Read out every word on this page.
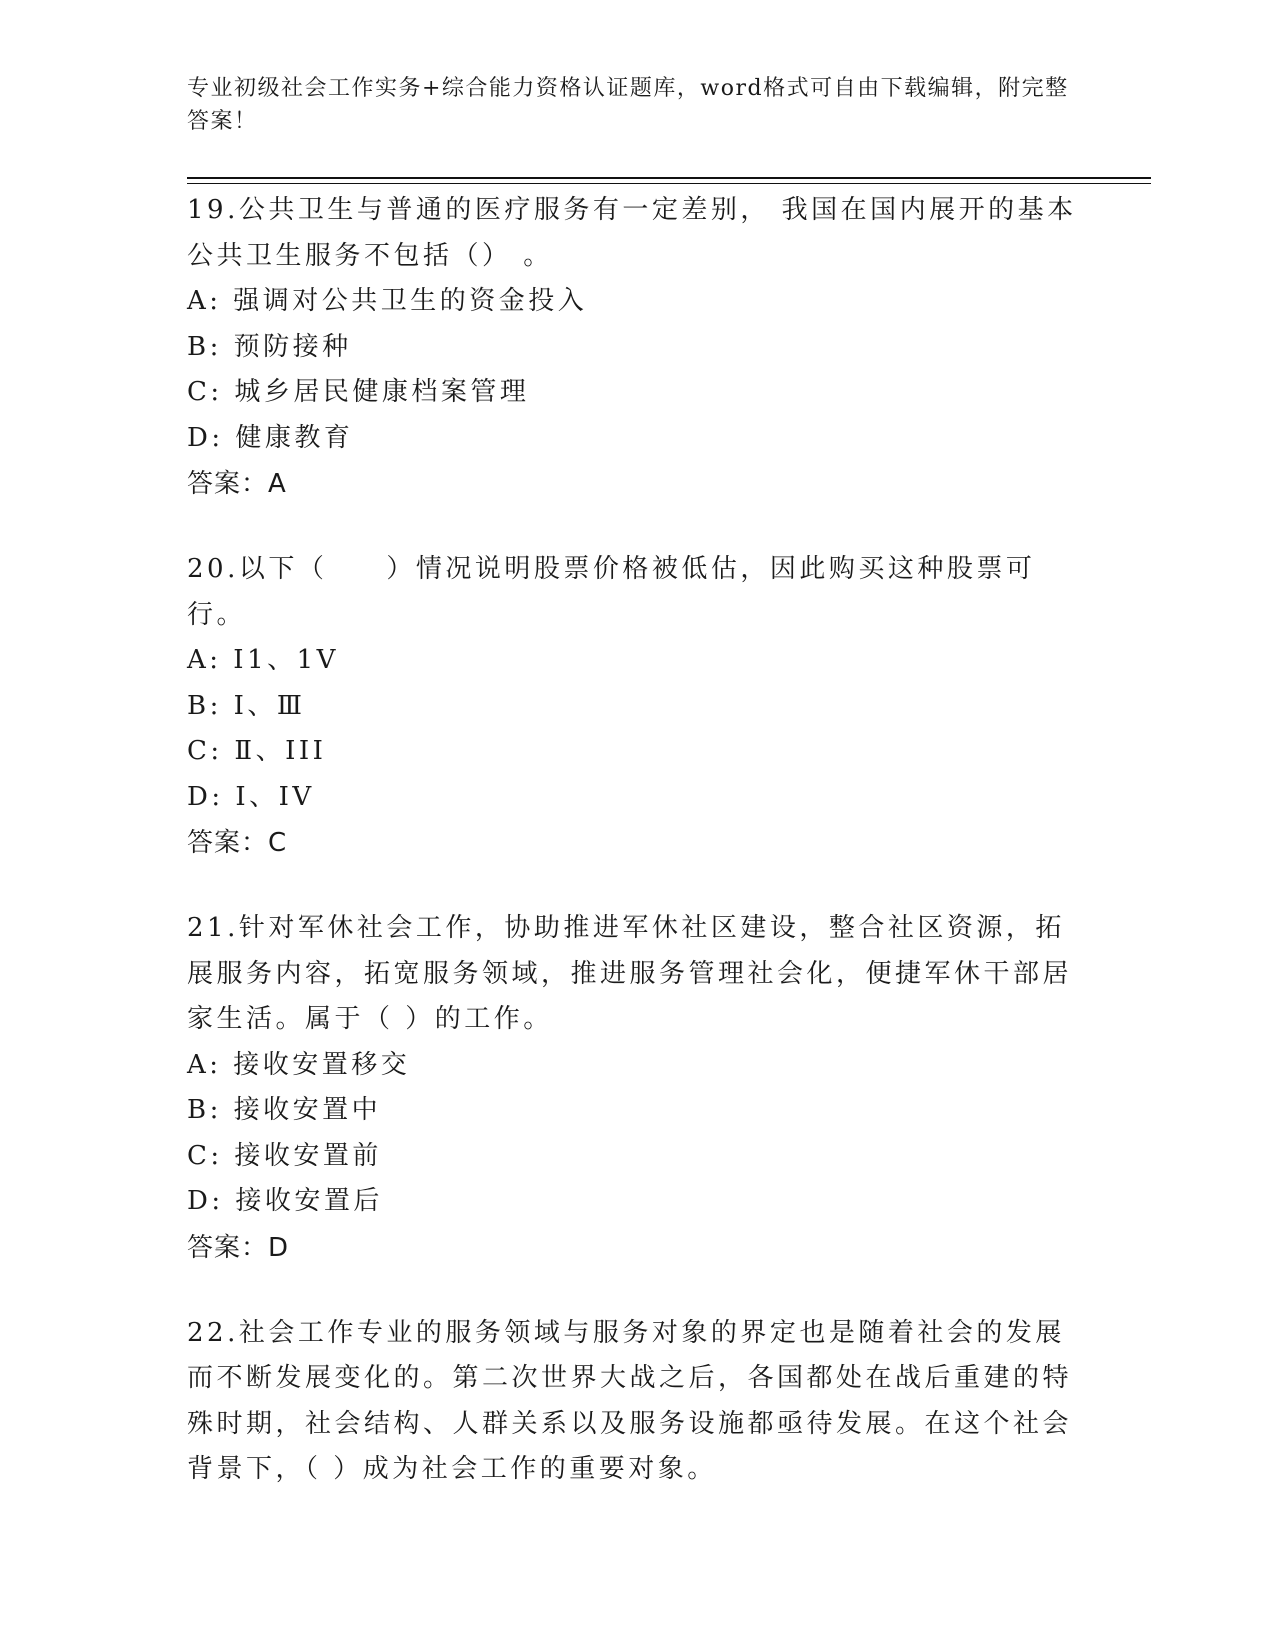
专业初级社会工作实务+综合能力资格认证题库，word格式可自由下载编辑，附完整答案！

19.公共卫生与普通的医疗服务有一定差别， 我国在国内展开的基本公共卫生服务不包括（） 。

A: 强调对公共卫生的资金投入

B: 预防接种

C: 城乡居民健康档案管理

D: 健康教育

答案：A

20.以下（　　）情况说明股票价格被低估，因此购买这种股票可行。

A: I1、1V

B: I、Ⅲ

C: Ⅱ、III

D: I、IV

答案：C

21.针对军休社会工作，协助推进军休社区建设，整合社区资源，拓展服务内容，拓宽服务领域，推进服务管理社会化，便捷军休干部居家生活。属于（ ）的工作。

A: 接收安置移交

B: 接收安置中

C: 接收安置前

D: 接收安置后

答案：D

22.社会工作专业的服务领域与服务对象的界定也是随着社会的发展而不断发展变化的。第二次世界大战之后，各国都处在战后重建的特殊时期，社会结构、人群关系以及服务设施都亟待发展。在这个社会背景下，（ ）成为社会工作的重要对象。
